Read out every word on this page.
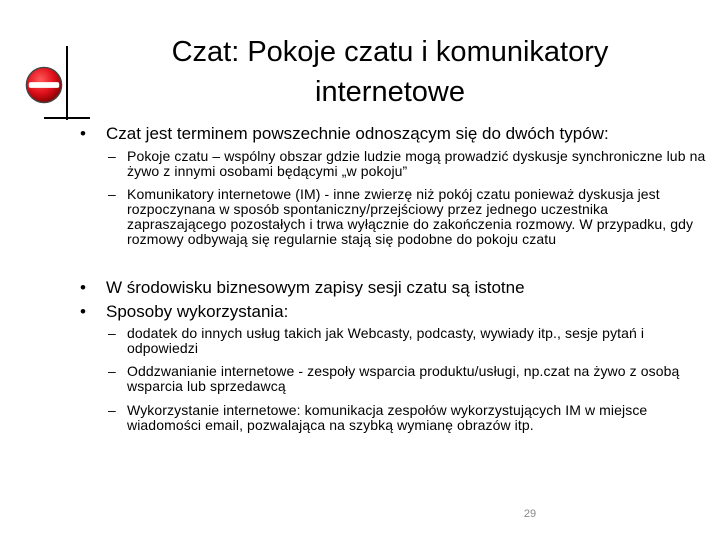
Czat: Pokoje czatu i komunikatory internetowe
• Czat jest terminem powszechnie odnoszącym się do dwóch typów:
– Pokoje czatu – wspólny obszar gdzie ludzie mogą prowadzić dyskusje synchroniczne lub na żywo z innymi osobami będącymi „w pokoju”
– Komunikatory internetowe (IM) - inne zwierzę niż pokój czatu ponieważ dyskusja jest rozpoczynana w sposób spontaniczny/przejściowy przez jednego uczestnika zapraszającego pozostałych i trwa wyłącznie do zakończenia rozmowy. W przypadku, gdy rozmowy odbywają się regularnie stają się podobne do pokoju czatu
• W środowisku biznesowym zapisy sesji czatu są istotne
• Sposoby wykorzystania:
– dodatek do innych usług takich jak Webcasty, podcasty, wywiady itp., sesje pytań i odpowiedzi
– Oddzwanianie internetowe - zespoły wsparcia produktu/usługi, np.czat na żywo z osobą wsparcia lub sprzedawcą
– Wykorzystanie internetowe: komunikacja zespołów wykorzystujących IM w miejsce wiadomości email, pozwalająca na szybką wymianę obrazów itp.
29
